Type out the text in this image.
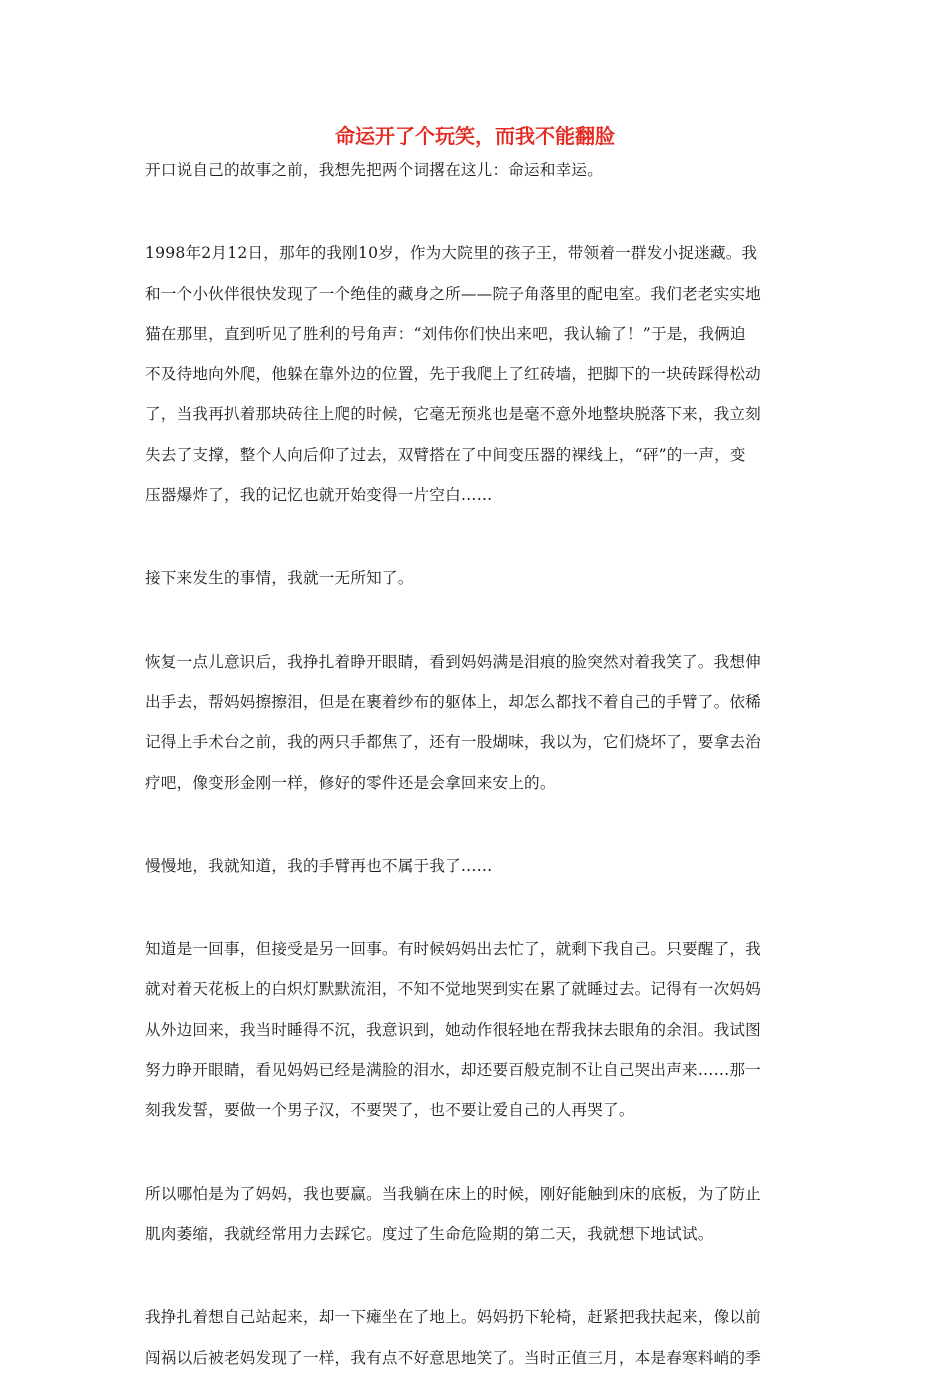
命运开了个玩笑，而我不能翻脸

开口说自己的故事之前，我想先把两个词撂在这儿：命运和幸运。

1998年2月12日，那年的我刚10岁，作为大院里的孩子王，带领着一群发小捉迷藏。我
和一个小伙伴很快发现了一个绝佳的藏身之所——院子角落里的配电室。我们老老实实地
猫在那里，直到听见了胜利的号角声：“刘伟你们快出来吧，我认输了！”于是，我俩迫
不及待地向外爬，他躲在靠外边的位置，先于我爬上了红砖墙，把脚下的一块砖踩得松动
了，当我再扒着那块砖往上爬的时候，它毫无预兆也是毫不意外地整块脱落下来，我立刻
失去了支撑，整个人向后仰了过去，双臂搭在了中间变压器的裸线上，“砰”的一声，变
压器爆炸了，我的记忆也就开始变得一片空白……

接下来发生的事情，我就一无所知了。

恢复一点儿意识后，我挣扎着睁开眼睛，看到妈妈满是泪痕的脸突然对着我笑了。我想伸
出手去，帮妈妈擦擦泪，但是在裹着纱布的躯体上，却怎么都找不着自己的手臂了。依稀
记得上手术台之前，我的两只手都焦了，还有一股煳味，我以为，它们烧坏了，要拿去治
疗吧，像变形金刚一样，修好的零件还是会拿回来安上的。

慢慢地，我就知道，我的手臂再也不属于我了……

知道是一回事，但接受是另一回事。有时候妈妈出去忙了，就剩下我自己。只要醒了，我
就对着天花板上的白炽灯默默流泪，不知不觉地哭到实在累了就睡过去。记得有一次妈妈
从外边回来，我当时睡得不沉，我意识到，她动作很轻地在帮我抹去眼角的余泪。我试图
努力睁开眼睛，看见妈妈已经是满脸的泪水，却还要百般克制不让自己哭出声来……那一
刻我发誓，要做一个男子汉，不要哭了，也不要让爱自己的人再哭了。

所以哪怕是为了妈妈，我也要赢。当我躺在床上的时候，刚好能触到床的底板，为了防止
肌肉萎缩，我就经常用力去踩它。度过了生命危险期的第二天，我就想下地试试。

我挣扎着想自己站起来，却一下瘫坐在了地上。妈妈扔下轮椅，赶紧把我扶起来，像以前
闯祸以后被老妈发现了一样，我有点不好意思地笑了。当时正值三月，本是春寒料峭的季
